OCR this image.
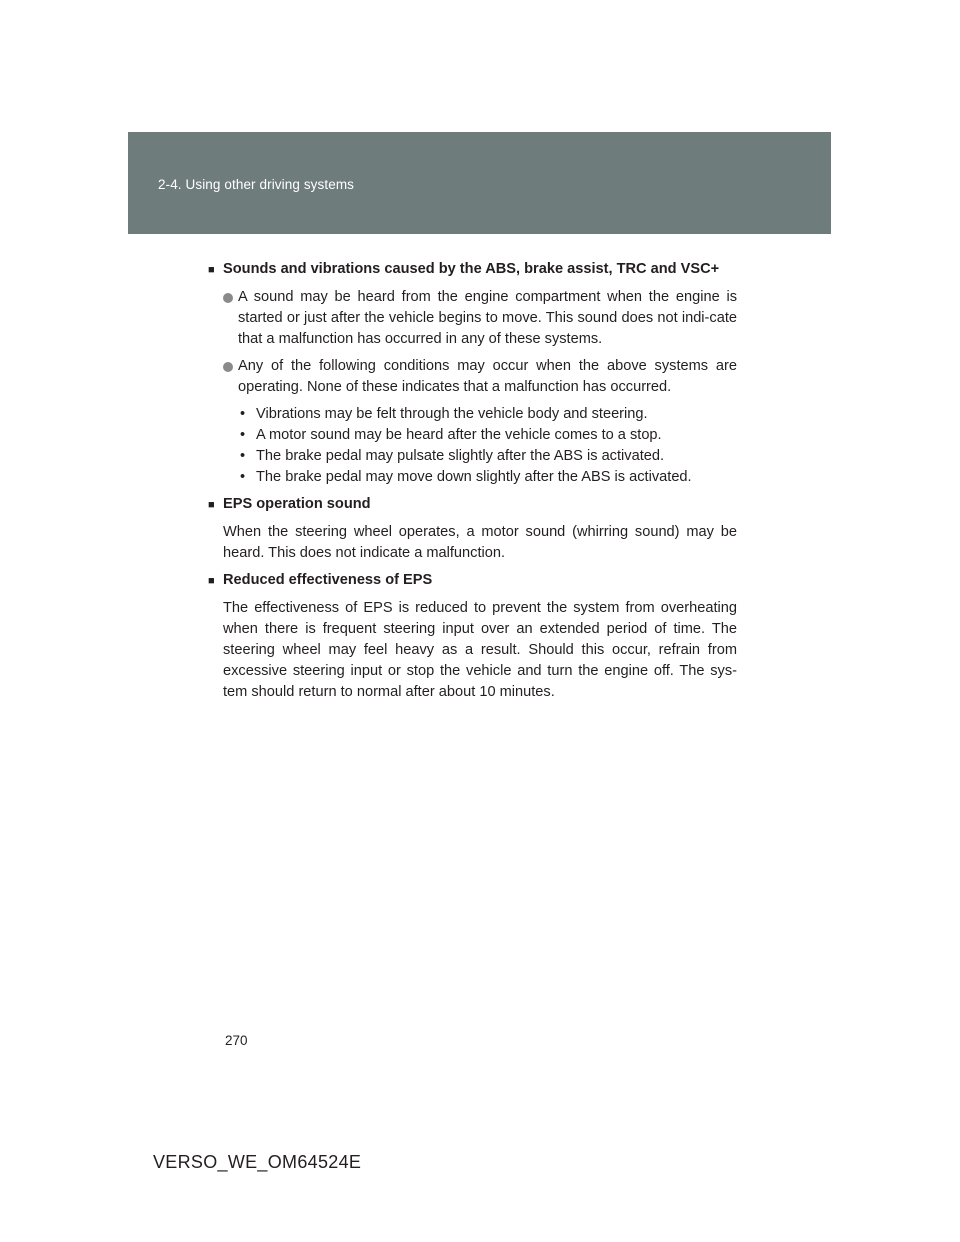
2-4. Using other driving systems
■ Sounds and vibrations caused by the ABS, brake assist, TRC and VSC+
A sound may be heard from the engine compartment when the engine is started or just after the vehicle begins to move. This sound does not indi-cate that a malfunction has occurred in any of these systems.
Any of the following conditions may occur when the above systems are operating. None of these indicates that a malfunction has occurred.
• Vibrations may be felt through the vehicle body and steering.
• A motor sound may be heard after the vehicle comes to a stop.
• The brake pedal may pulsate slightly after the ABS is activated.
• The brake pedal may move down slightly after the ABS is activated.
■ EPS operation sound
When the steering wheel operates, a motor sound (whirring sound) may be heard. This does not indicate a malfunction.
■ Reduced effectiveness of EPS
The effectiveness of EPS is reduced to prevent the system from overheating when there is frequent steering input over an extended period of time. The steering wheel may feel heavy as a result. Should this occur, refrain from excessive steering input or stop the vehicle and turn the engine off. The sys-tem should return to normal after about 10 minutes.
270
VERSO_WE_OM64524E
